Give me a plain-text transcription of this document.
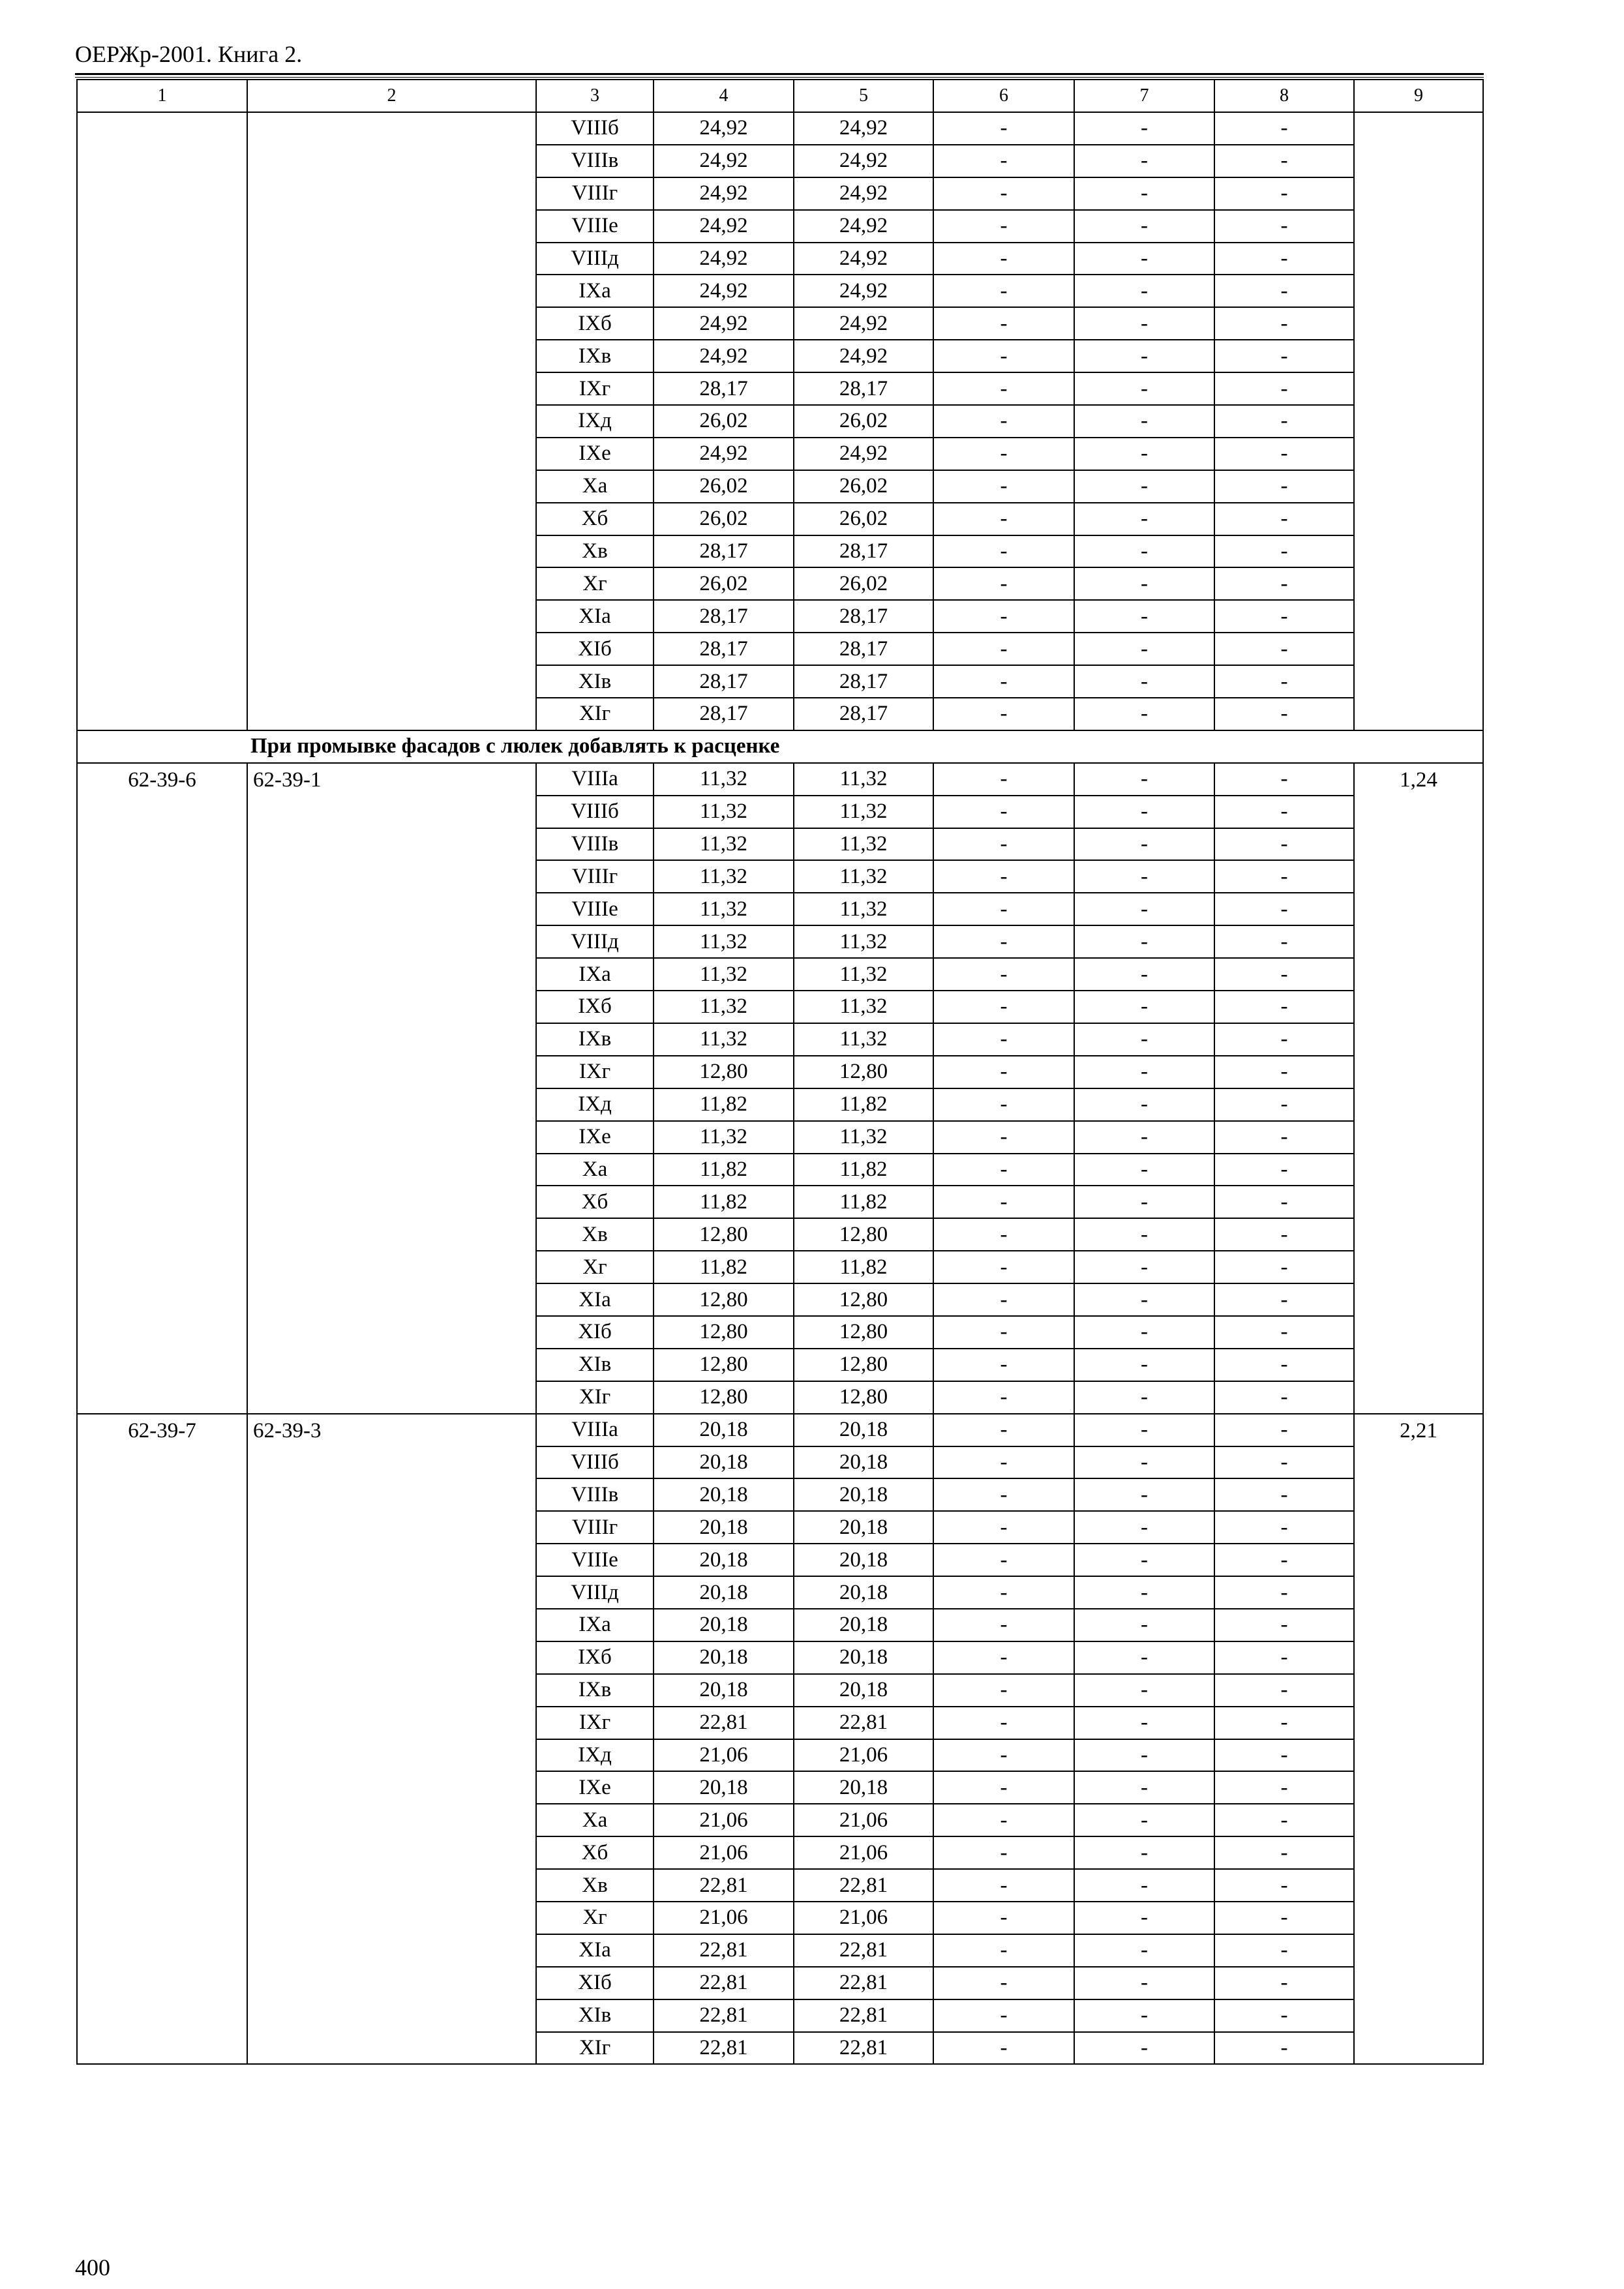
ОЕРЖр-2001. Книга 2.
1	2	3	4	5	6	7	8	9
		VIIIб	24,92	24,92	-	-	-	
		VIIIв	24,92	24,92	-	-	-	
		VIIIг	24,92	24,92	-	-	-	
		VIIIе	24,92	24,92	-	-	-	
		VIIIд	24,92	24,92	-	-	-	
		IXа	24,92	24,92	-	-	-	
		IXб	24,92	24,92	-	-	-	
		IXв	24,92	24,92	-	-	-	
		IXг	28,17	28,17	-	-	-	
		IXд	26,02	26,02	-	-	-	
		IXе	24,92	24,92	-	-	-	
		Xа	26,02	26,02	-	-	-	
		Xб	26,02	26,02	-	-	-	
		Xв	28,17	28,17	-	-	-	
		Xг	26,02	26,02	-	-	-	
		XIа	28,17	28,17	-	-	-	
		XIб	28,17	28,17	-	-	-	
		XIв	28,17	28,17	-	-	-	
		XIг	28,17	28,17	-	-	-	
При промывке фасадов с люлек добавлять к расценке								
62-39-6	62-39-1	VIIIа	11,32	11,32	-	-	-	1,24
		VIIIб	11,32	11,32	-	-	-	
		VIIIв	11,32	11,32	-	-	-	
		VIIIг	11,32	11,32	-	-	-	
		VIIIе	11,32	11,32	-	-	-	
		VIIIд	11,32	11,32	-	-	-	
		IXа	11,32	11,32	-	-	-	
		IXб	11,32	11,32	-	-	-	
		IXв	11,32	11,32	-	-	-	
		IXг	12,80	12,80	-	-	-	
		IXд	11,82	11,82	-	-	-	
		IXе	11,32	11,32	-	-	-	
		Xа	11,82	11,82	-	-	-	
		Xб	11,82	11,82	-	-	-	
		Xв	12,80	12,80	-	-	-	
		Xг	11,82	11,82	-	-	-	
		XIа	12,80	12,80	-	-	-	
		XIб	12,80	12,80	-	-	-	
		XIв	12,80	12,80	-	-	-	
		XIг	12,80	12,80	-	-	-	
62-39-7	62-39-3	VIIIа	20,18	20,18	-	-	-	2,21
		VIIIб	20,18	20,18	-	-	-	
		VIIIв	20,18	20,18	-	-	-	
		VIIIг	20,18	20,18	-	-	-	
		VIIIе	20,18	20,18	-	-	-	
		VIIIд	20,18	20,18	-	-	-	
		IXа	20,18	20,18	-	-	-	
		IXб	20,18	20,18	-	-	-	
		IXв	20,18	20,18	-	-	-	
		IXг	22,81	22,81	-	-	-	
		IXд	21,06	21,06	-	-	-	
		IXе	20,18	20,18	-	-	-	
		Xа	21,06	21,06	-	-	-	
		Xб	21,06	21,06	-	-	-	
		Xв	22,81	22,81	-	-	-	
		Xг	21,06	21,06	-	-	-	
		XIа	22,81	22,81	-	-	-	
		XIб	22,81	22,81	-	-	-	
		XIв	22,81	22,81	-	-	-	
		XIг	22,81	22,81	-	-	-	
400
